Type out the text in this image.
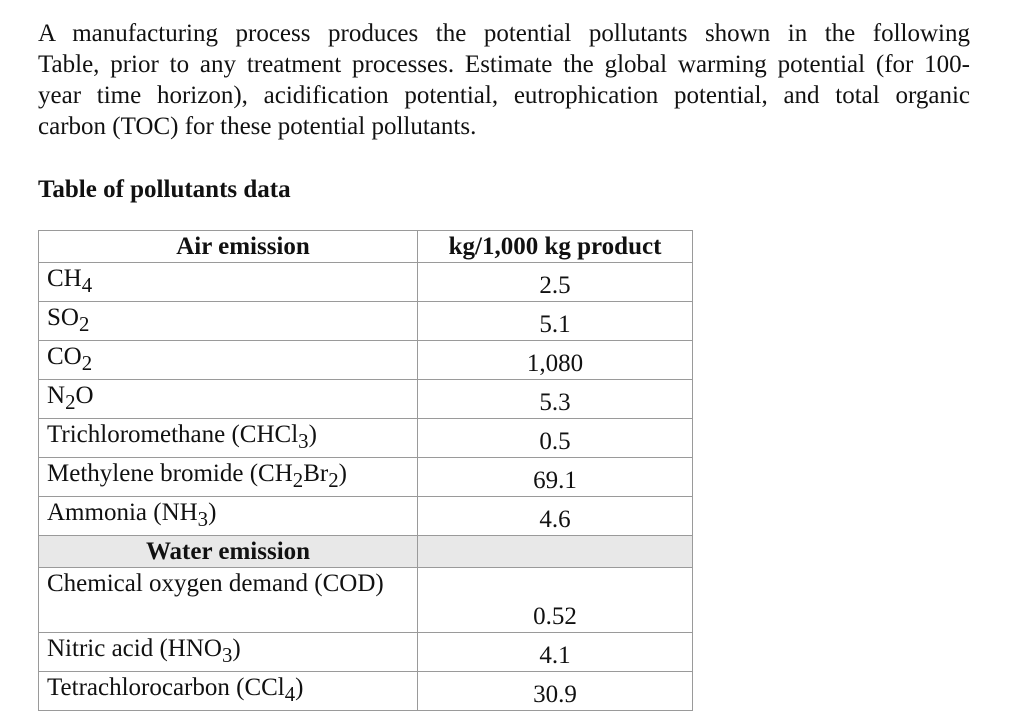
A manufacturing process produces the potential pollutants shown in the following
Table, prior to any treatment processes. Estimate the global warming potential (for 100-
year time horizon), acidification potential, eutrophication potential, and total organic
carbon (TOC) for these potential pollutants.

Table of pollutants data

Air emission	kg/1,000 kg product
$CH_4$	2.5
$SO_2$	5.1
$CO_2$	1,080
$N_2O$	5.3
Trichloromethane (CHCl$_3$)	0.5
Methylene bromide $(CH_2Br_2)$	69.1
Ammonia $(NH_3)$	4.6
Water emission	
Chemical oxygen demand (COD)	0.52
Nitric acid $(HNO_3)$	4.1
Tetrachlorocarbon (CCl$_4$)	30.9
